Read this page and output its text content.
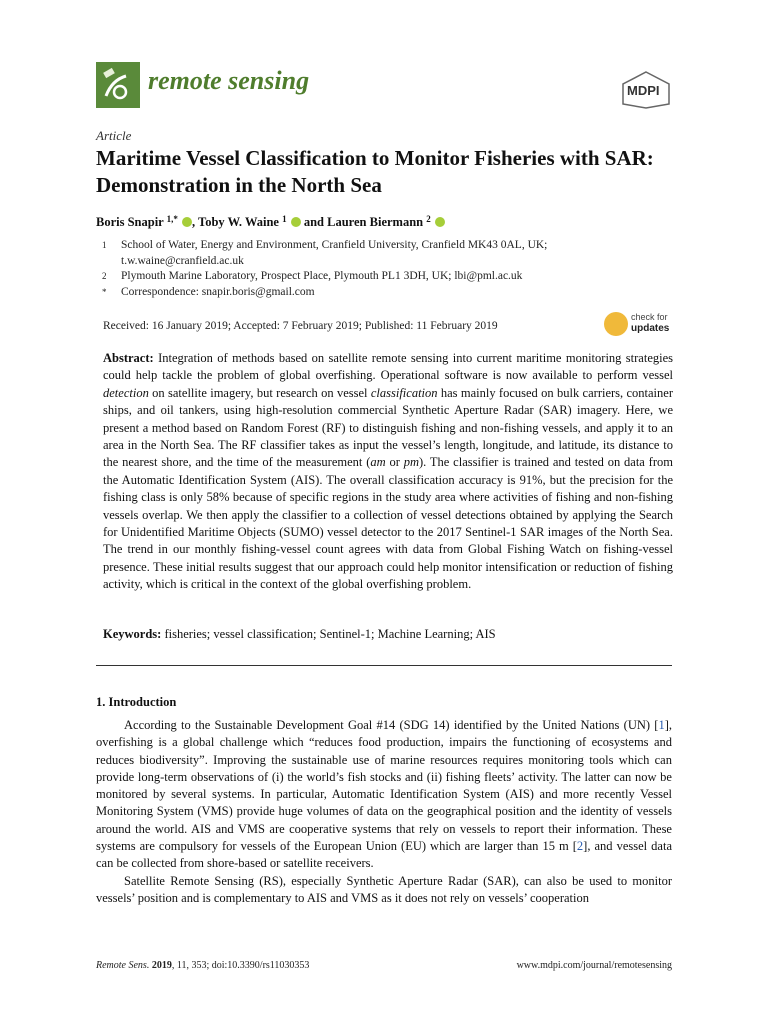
remote sensing	MDPI
Article
Maritime Vessel Classification to Monitor Fisheries with SAR: Demonstration in the North Sea
Boris Snapir $^{1,*}$ , Toby W. Waine $^1$  and Lauren Biermann $^2$
1	School of Water, Energy and Environment, Cranfield University, Cranfield MK43 0AL, UK; t.w.waine@cranfield.ac.uk
2	Plymouth Marine Laboratory, Prospect Place, Plymouth PL1 3DH, UK; lbi@pml.ac.uk
*	Correspondence: snapir.boris@gmail.com
Received: 16 January 2019; Accepted: 7 February 2019; Published: 11 February 2019
check for
updates

Abstract: Integration of methods based on satellite remote sensing into current maritime monitoring strategies could help tackle the problem of global overfishing. Operational software is now available to perform vessel detection on satellite imagery, but research on vessel classification has mainly focused on bulk carriers, container ships, and oil tankers, using high-resolution commercial Synthetic Aperture Radar (SAR) imagery. Here, we present a method based on Random Forest (RF) to distinguish fishing and non-fishing vessels, and apply it to an area in the North Sea. The RF classifier takes as input the vessel’s length, longitude, and latitude, its distance to the nearest shore, and the time of the measurement (am or pm). The classifier is trained and tested on data from the Automatic Identification System (AIS). The overall classification accuracy is 91%, but the precision for the fishing class is only 58% because of specific regions in the study area where activities of fishing and non-fishing vessels overlap. We then apply the classifier to a collection of vessel detections obtained by applying the Search for Unidentified Maritime Objects (SUMO) vessel detector to the 2017 Sentinel-1 SAR images of the North Sea. The trend in our monthly fishing-vessel count agrees with data from Global Fishing Watch on fishing-vessel presence. These initial results suggest that our approach could help monitor intensification or reduction of fishing activity, which is critical in the context of the global overfishing problem.

Keywords: fisheries; vessel classification; Sentinel-1; Machine Learning; AIS
1. Introduction

According to the Sustainable Development Goal #14 (SDG 14) identified by the United Nations (UN) [1], overfishing is a global challenge which “reduces food production, impairs the functioning of ecosystems and reduces biodiversity”. Improving the sustainable use of marine resources requires monitoring tools which can provide long-term observations of (i) the world’s fish stocks and (ii) fishing fleets’ activity. The latter can now be monitored by several systems. In particular, Automatic Identification System (AIS) and more recently Vessel Monitoring System (VMS) provide huge volumes of data on the geographical position and the identity of vessels around the world. AIS and VMS are cooperative systems that rely on vessels to report their information. These systems are compulsory for vessels of the European Union (EU) which are larger than 15 m [2], and vessel data can be collected from shore-based or satellite receivers.

Satellite Remote Sensing (RS), especially Synthetic Aperture Radar (SAR), can also be used to monitor vessels’ position and is complementary to AIS and VMS as it does not rely on vessels’ cooperation

Remote Sens. 2019, 11, 353; doi:10.3390/rs11030353	www.mdpi.com/journal/remotesensing
